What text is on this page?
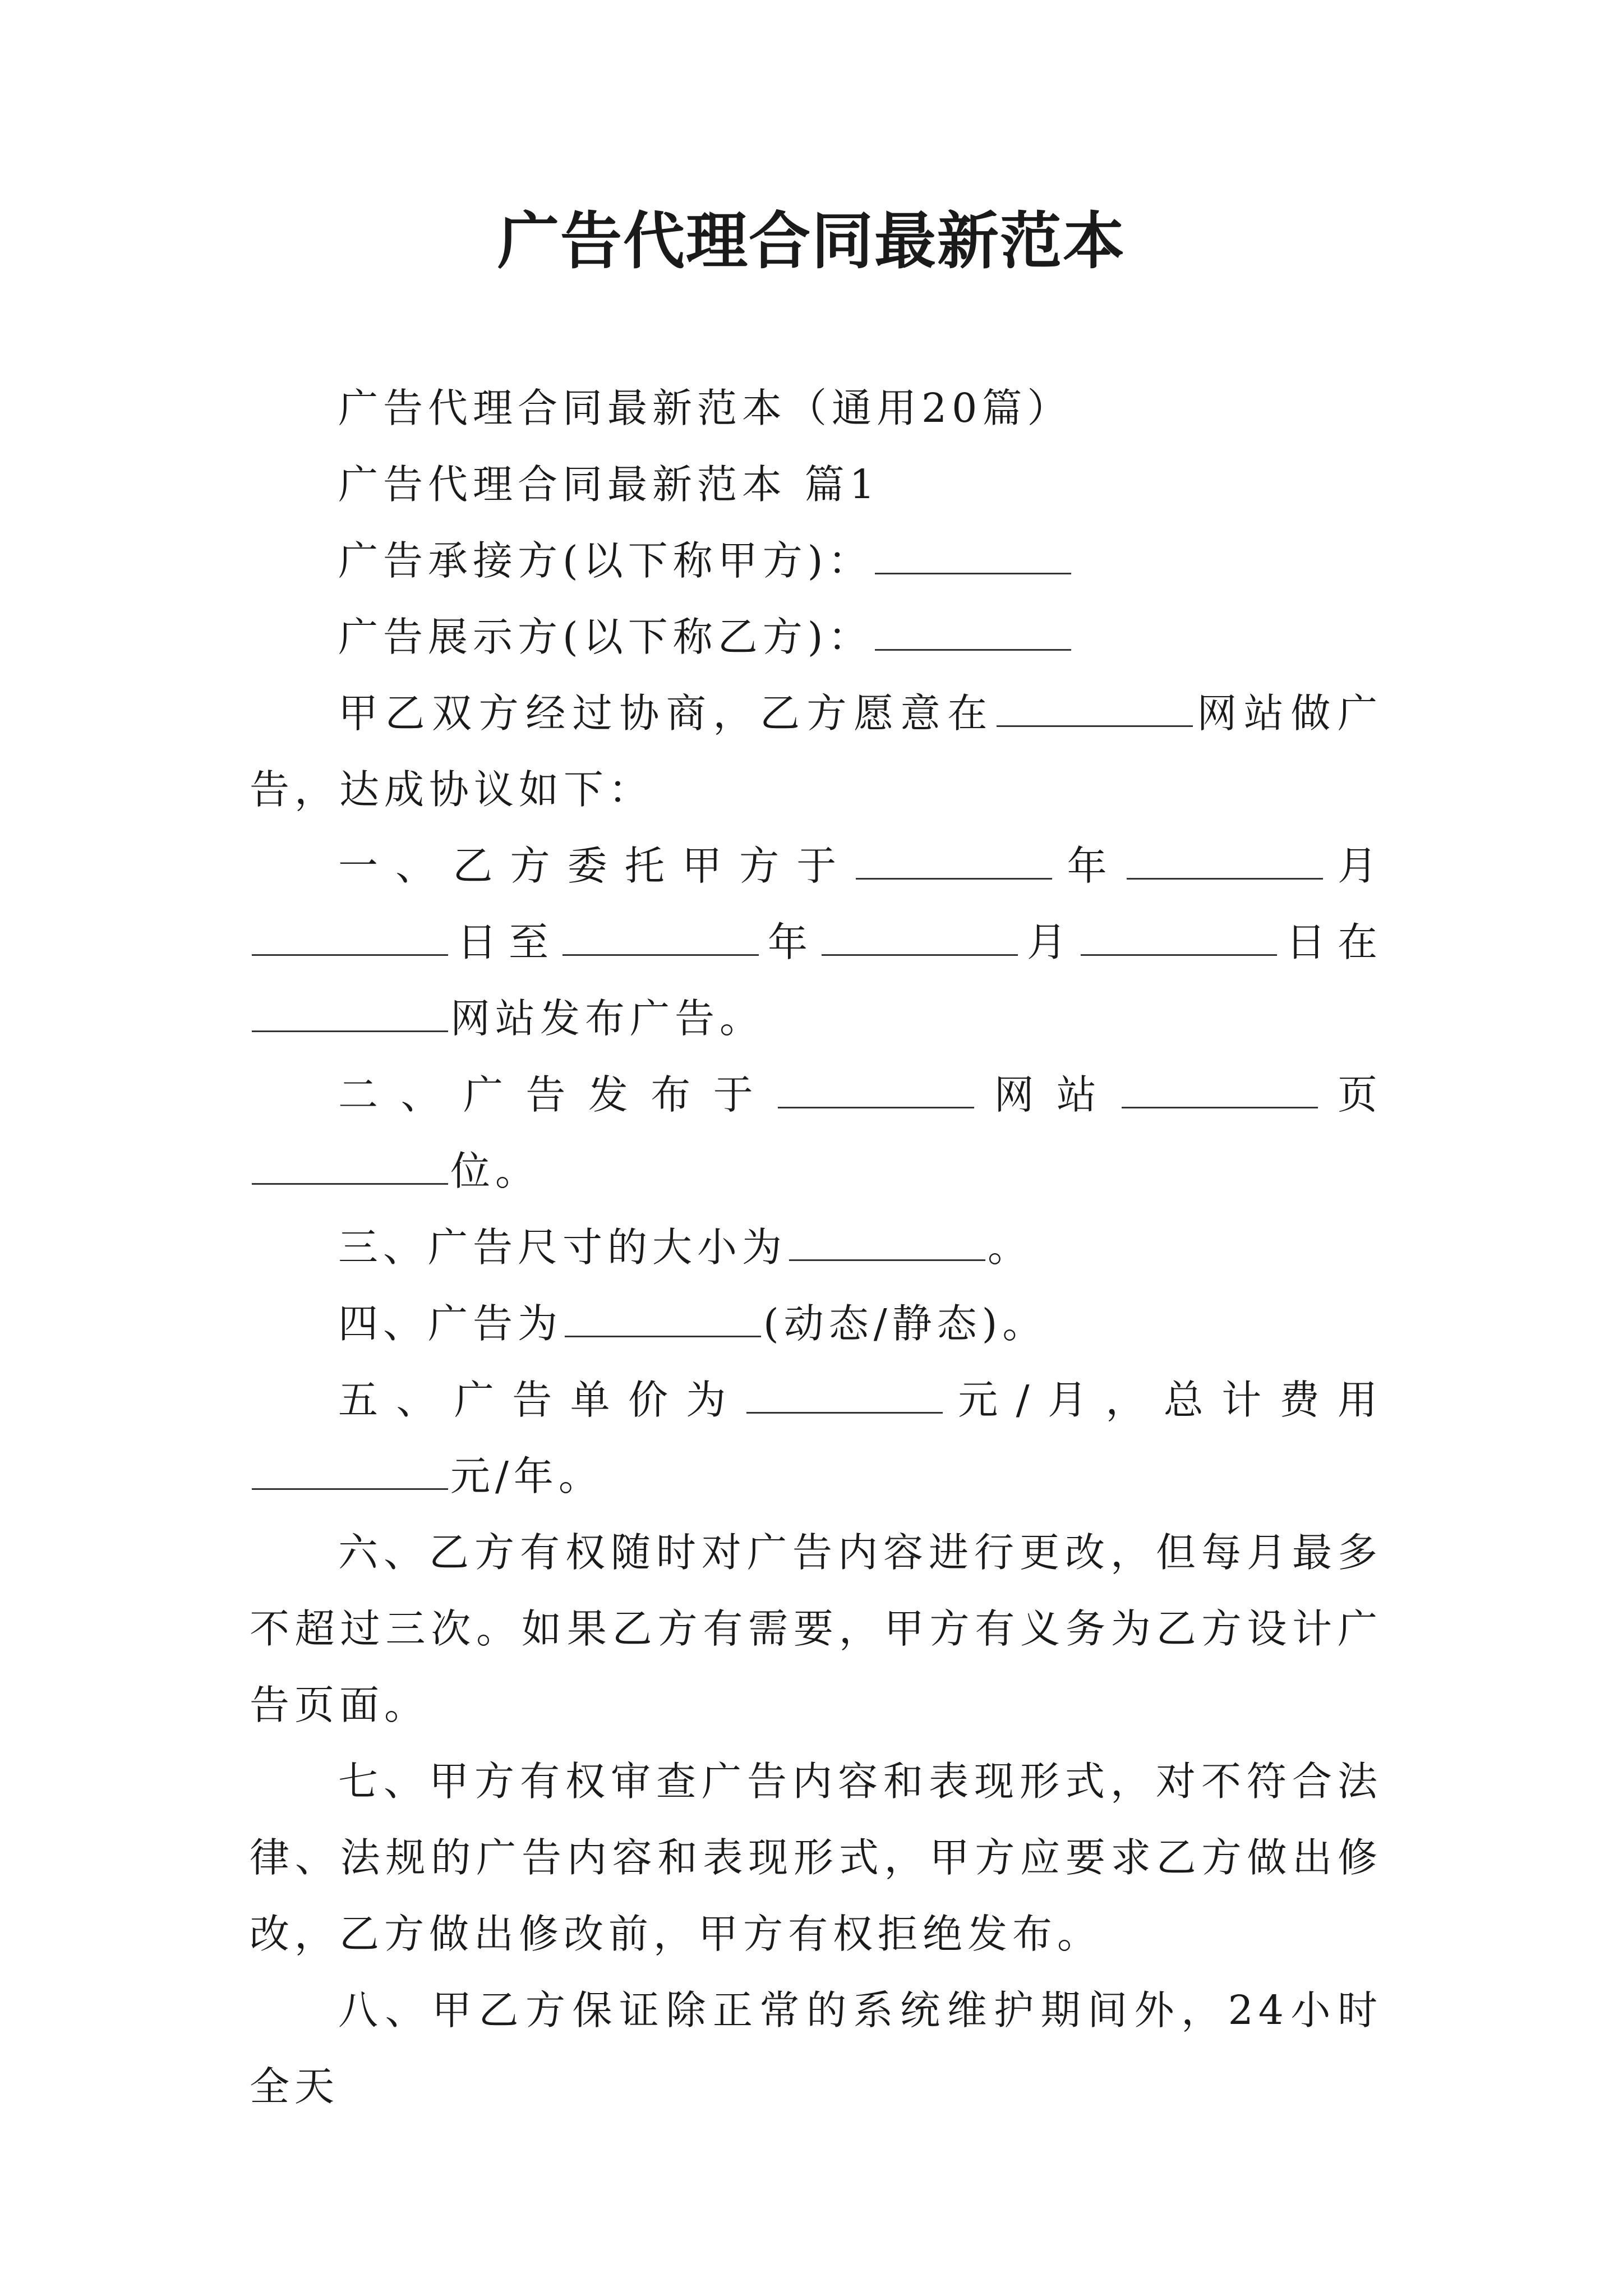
广告代理合同最新范本

广告代理合同最新范本（通用20篇）

广告代理合同最新范本 篇1

广告承接方(以下称甲方)：

广告展示方(以下称乙方)：

甲乙双方经过协商，乙方愿意在	网站做广告，达成协议如下：

一、乙方委托甲方于	年	月日至	年	月	日在网站发布广告。

二、广告发布于	网站	页位。

三、广告尺寸的大小为	。

四、广告为	(动态/静态)。

五、广告单价为	元/月，总计费用元/年。

六、乙方有权随时对广告内容进行更改，但每月最多不超过三次。如果乙方有需要，甲方有义务为乙方设计广告页面。

七、甲方有权审查广告内容和表现形式，对不符合法律、法规的广告内容和表现形式，甲方应要求乙方做出修改，乙方做出修改前，甲方有权拒绝发布。

八、甲乙方保证除正常的系统维护期间外，24小时全天
